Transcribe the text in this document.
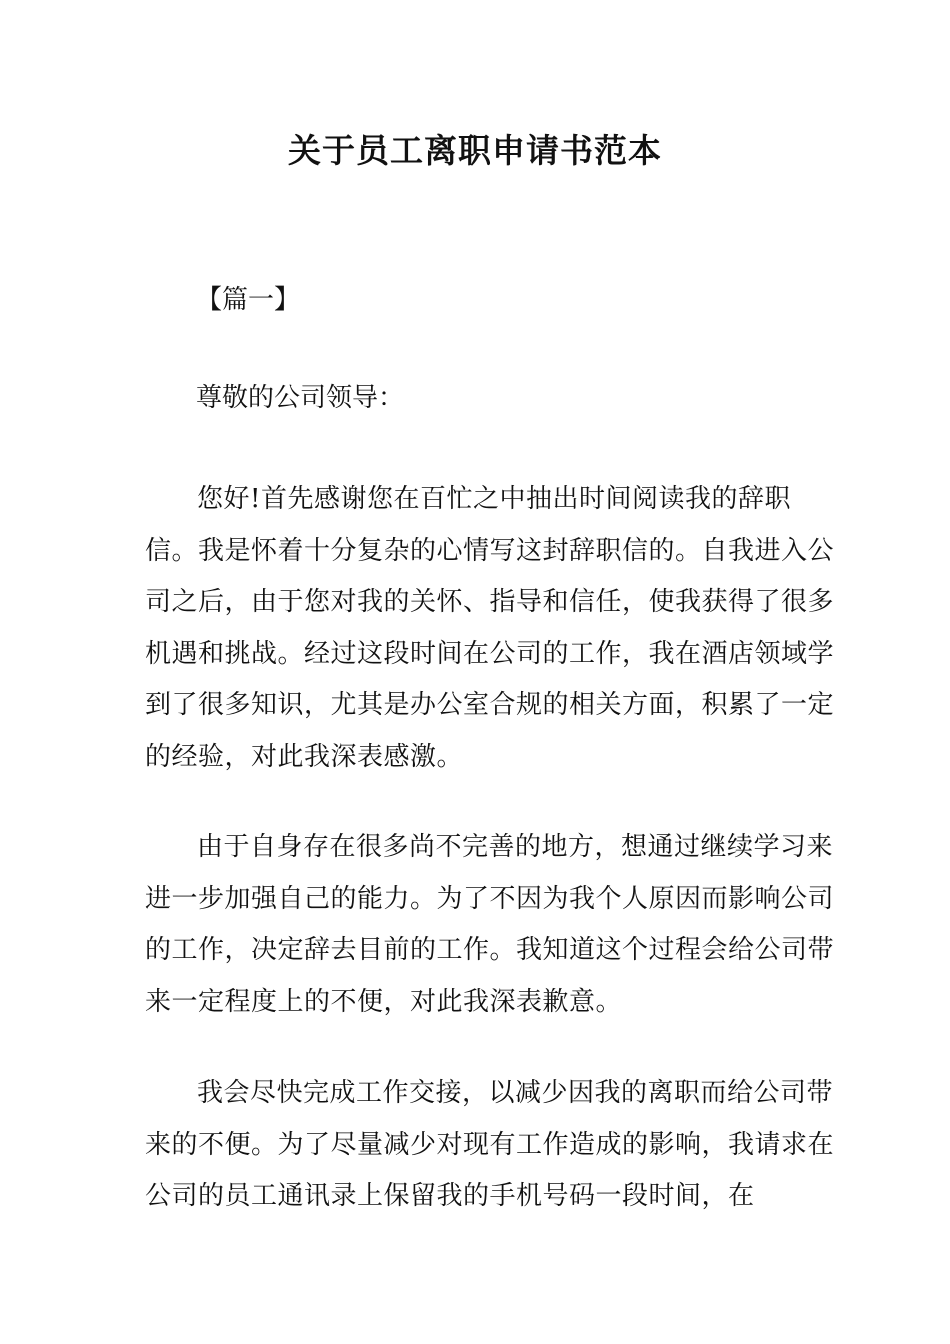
关于员工离职申请书范本

【篇一】

尊敬的公司领导：

您好!首先感谢您在百忙之中抽出时间阅读我的辞职信。我是怀着十分复杂的心情写这封辞职信的。自我进入公司之后，由于您对我的关怀、指导和信任，使我获得了很多机遇和挑战。经过这段时间在公司的工作，我在酒店领域学到了很多知识，尤其是办公室合规的相关方面，积累了一定的经验，对此我深表感激。

由于自身存在很多尚不完善的地方，想通过继续学习来进一步加强自己的能力。为了不因为我个人原因而影响公司的工作，决定辞去目前的工作。我知道这个过程会给公司带来一定程度上的不便，对此我深表歉意。

我会尽快完成工作交接，以减少因我的离职而给公司带来的不便。为了尽量减少对现有工作造成的影响，我请求在公司的员工通讯录上保留我的手机号码一段时间，在
